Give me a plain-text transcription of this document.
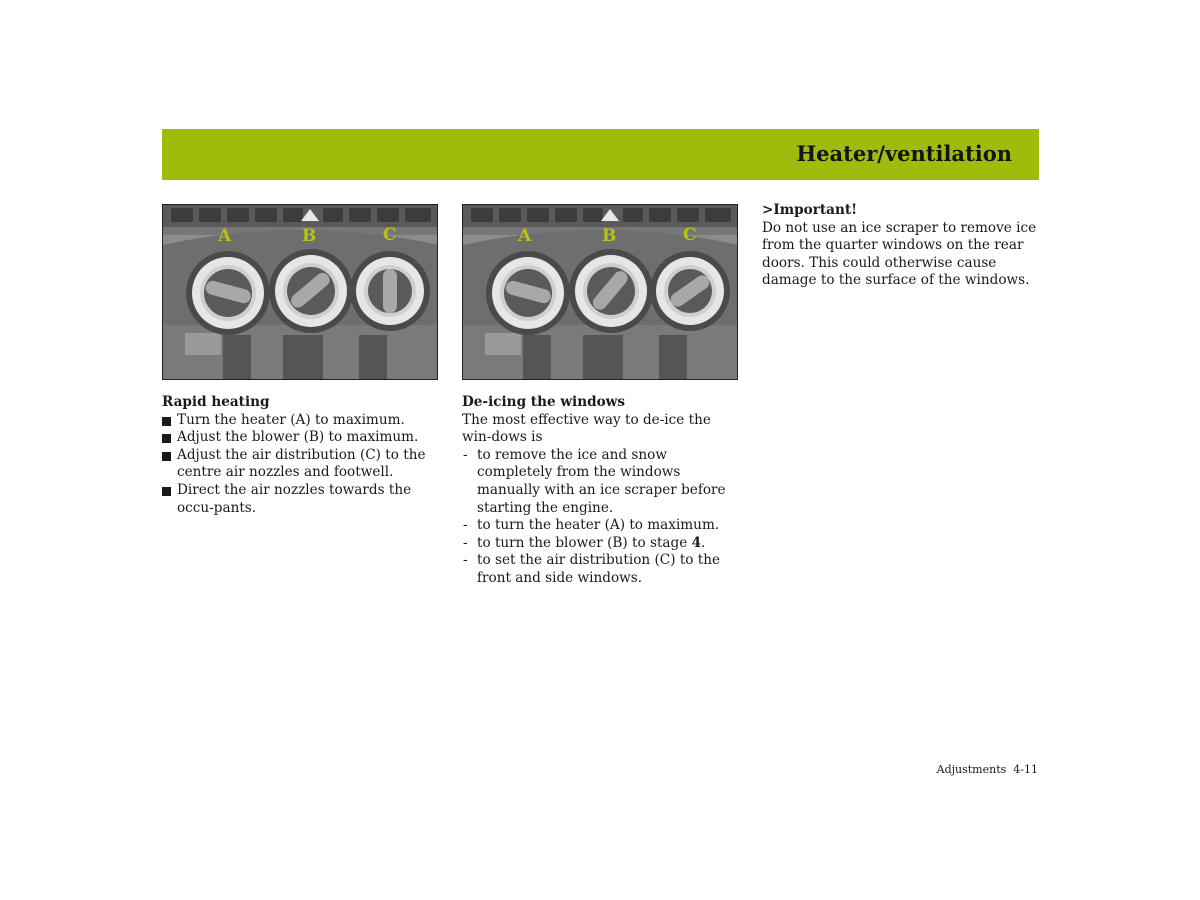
Heater/ventilation
A	B	C	A	B	C

Rapid heating

Turn the heater (A) to maximum.
Adjust the blower (B) to maximum.
Adjust the air distribution (C) to the centre air nozzles and footwell.
Direct the air nozzles towards the occu-pants.

De-icing the windows

The most effective way to de-ice the win-dows is

- to remove the ice and snow completely from the windows manually with an ice scraper before starting the engine.
- to turn the heater (A) to maximum.
- to turn the blower (B) to stage 4.
- to set the air distribution (C) to the front and side windows.

>Important!

Do not use an ice scraper to remove ice from the quarter windows on the rear doors. This could otherwise cause damage to the surface of the windows.

Adjustments 4-11
